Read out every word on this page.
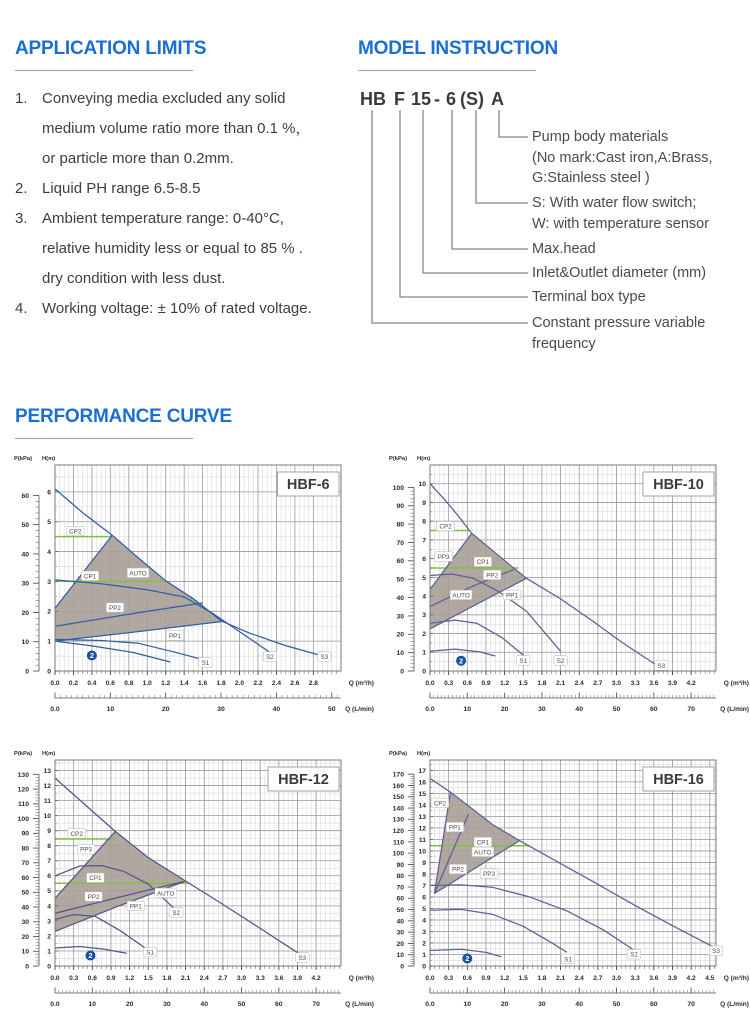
APPLICATION LIMITS	MODEL INSTRUCTION
1. Conveying media excluded any solid
medium volume ratio more than 0.1 %，
or particle more than 0.2mm.
2. Liquid PH range 6.5-8.5
3. Ambient temperature range: 0-40°C,
relative humidity less or equal to 85 % .
dry condition with less dust.
4. Working voltage: ± 10% of rated voltage.
HB F 15 - 6 (S) A
Pump body materials
(No mark:Cast iron,A:Brass,
G:Stainless steel )
S: With water flow switch;
W: with temperature sensor
Max.head
Inlet&Outlet diameter (mm)
Terminal box type
Constant pressure variable
frequency
PERFORMANCE CURVE
P(kPa)
0
10
20
30
40
50
60
H(m)
0
1
2
3
4
5
6
0.0 0.2 0.4 0.6 0.8 1.0 1.2 1.4 1.6 1.8 2.0 2.2 2.4 2.6 2.8	Q (m³/h)
0.0	10	20	30	40	50 Q (L/min)
CP2
CP1	AUTO
PP2
PP1
S1
S2	S3
2
HBF-6
P(kPa)
0
10
20
30
40
50
60
70
80
90
100
H(m)
0
1
2
3
4
5
6
7
8
9
10
0.0 0.3 0.6 0.9 1.2 1.5 1.8 2.1 2.4 2.7 3.0 3.3 3.6 3.9 4.2	Q (m³/h)
0.0	10	20	30	40	50	60	70	Q (L/min)
CP2
PP3
CP1
PP2
PP1
AUTO
S1	S2
S3
2
HBF-10
P(kPa)
0
10
20
30
40
50
60
70
80
90
100
110
120
130
H(m)
0
1
2
3
4
5
6
7
8
9
10
11
12
13
0.0 0.3 0.6 0.9 1.2 1.5 1.8 2.1 2.4 2.7 3.0 3.3 3.6 3.9 4.2	Q (m³/h)
0.0	10	20	30	40	50	60	70	Q (L/min)
CP2
PP3
CP1
PP2
PP1
AUTO
S1
S2
S3
2
HBF-12
P(kPa)
0
10
20
30
40
50
60
70
80
90
100
110
120
130
140
150
160
170
H(m)
0
1
2
3
4
5
6
7
8
9
10
11
12
13
14
15
16
17
0.0 0.3 0.6 0.9 1.2 1.5 1.8 2.1 2.4 2.7 3.0 3.3 3.6 3.9 4.2 4.5 Q (m³/h)
0.0	10	20	30	40	50	60	70	Q (L/min)
CP2
PP1
CP1
AUTO
PP2
PP3
S1
S2	S3
2
HBF-16
